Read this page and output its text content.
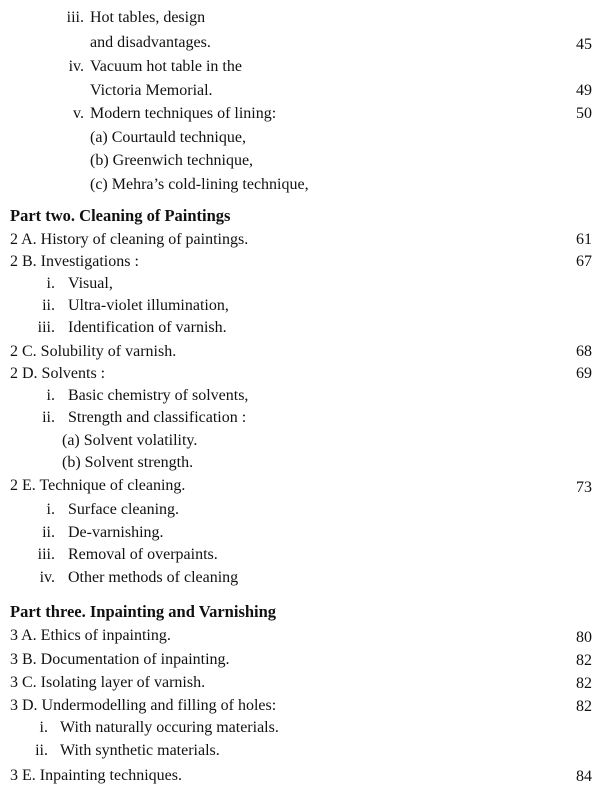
iii. Hot tables, design
and disadvantages.	45
iv. Vacuum hot table in the
Victoria Memorial.	49
v. Modern techniques of lining:	50
(a) Courtauld technique,
(b) Greenwich technique,
(c) Mehra’s cold-lining technique,
Part two. Cleaning of Paintings
2 A. History of cleaning of paintings.	61
2 B. Investigations :	67
i. Visual,
ii. Ultra-violet illumination,
iii. Identification of varnish.
2 C. Solubility of varnish.	68
2 D. Solvents :	69
i. Basic chemistry of solvents,
ii. Strength and classification :
(a) Solvent volatility.
(b) Solvent strength.
2 E. Technique of cleaning.	73
i. Surface cleaning.
ii. De-varnishing.
iii. Removal of overpaints.
iv. Other methods of cleaning
Part three. Inpainting and Varnishing
3 A. Ethics of inpainting.	80
3 B. Documentation of inpainting.	82
3 C. Isolating layer of varnish.	82
3 D. Undermodelling and filling of holes:	82
i. With naturally occuring materials.
ii. With synthetic materials.
3 E. Inpainting techniques.	84
